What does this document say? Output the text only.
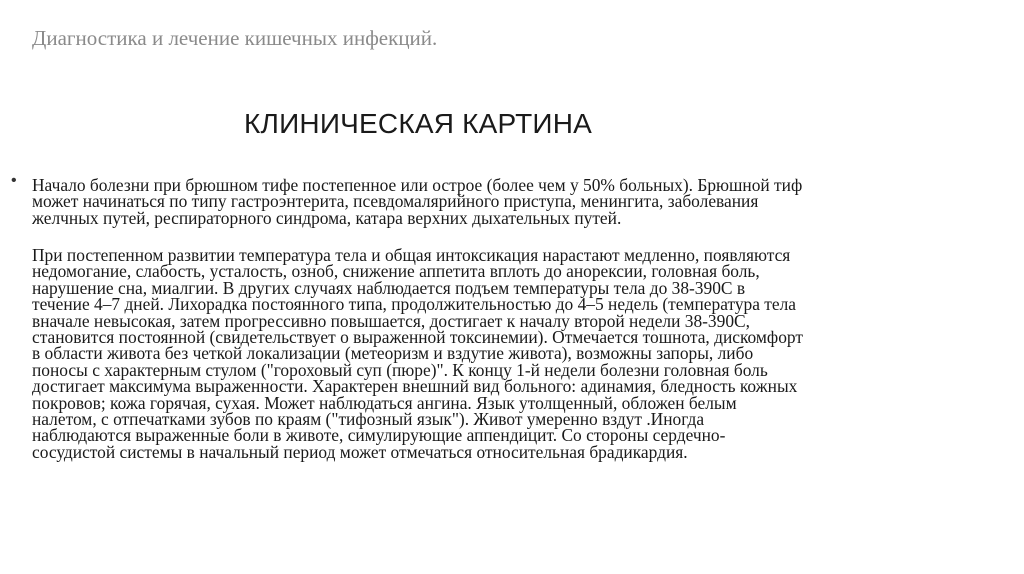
Диагностика и лечение кишечных инфекций.
КЛИНИЧЕСКАЯ КАРТИНА
• Начало болезни при брюшном тифе постепенное или острое (более чем у 50% больных). Брюшной тиф
может начинаться по типу гастроэнтерита, псевдомалярийного приступа, менингита, заболевания
желчных путей, респираторного синдрома, катара верхних дыхательных путей.
При постепенном развитии температура тела и общая интоксикация нарастают медленно, появляются
недомогание, слабость, усталость, озноб, снижение аппетита вплоть до анорексии, головная боль,
нарушение сна, миалгии. В других случаях наблюдается подъем температуры тела до 38-390С в
течение 4–7 дней. Лихорадка постоянного типа, продолжительностью до 4–5 недель (температура тела
вначале невысокая, затем прогрессивно повышается, достигает к началу второй недели 38-390С,
становится постоянной (свидетельствует о выраженной токсинемии). Отмечается тошнота, дискомфорт
в области живота без четкой локализации (метеоризм и вздутие живота), возможны запоры, либо
поносы с характерным стулом ("гороховый суп (пюре)". К концу 1-й недели болезни головная боль
достигает максимума выраженности. Характерен внешний вид больного: адинамия, бледность кожных
покровов; кожа горячая, сухая. Может наблюдаться ангина. Язык утолщенный, обложен белым
налетом, с отпечатками зубов по краям ("тифозный язык"). Живот умеренно вздут .Иногда
наблюдаются выраженные боли в животе, симулирующие аппендицит. Со стороны сердечно-
сосудистой системы в начальный период может отмечаться относительная брадикардия.
